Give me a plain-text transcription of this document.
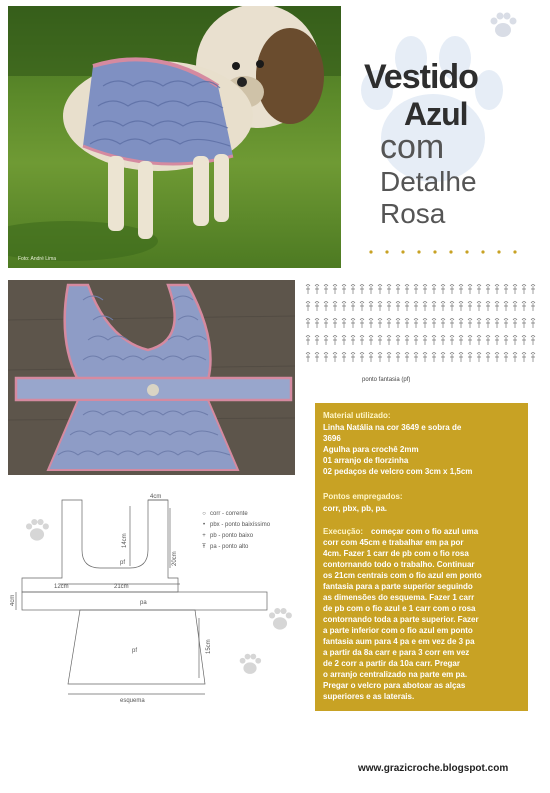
Foto: André Lima
Vestido
Azul
com
Detalhe
Rosa
ponto fantasia (pf)
Material utilizado:
Linha Natália na cor 3649 e sobra de
3696
Agulha para crochê 2mm
01 arranjo de florzinha
02 pedaços de velcro com 3cm x 1,5cm
Pontos empregados:
corr, pbx, pb, pa.
Execução: começar com o fio azul uma
corr com 45cm e trabalhar em pa por
4cm. Fazer 1 carr de pb com o fio rosa
contornando todo o trabalho. Continuar
os 21cm centrais com o fio azul em ponto
fantasia para a parte superior seguindo
as dimensões do esquema. Fazer 1 carr
de pb com o fio azul e 1 carr com o rosa
contornando toda a parte superior. Fazer
a parte inferior com o fio azul em ponto
fantasia aum para 4 pa e em vez de 3 pa
a partir da 8a carr e para 3 corr em vez
de 2 corr a partir da 10a carr. Pregar
o arranjo centralizado na parte em pa.
Pregar o velcro para abotoar as alças
superiores e as laterais.
4cm
14cm
20cm
pf
12cm	21cm
4cm	pa
pf	15cm
esquema
○ corr - corrente
• pbx - ponto baixíssimo
+ pb - ponto baixo
Ŧ pa - ponto alto
www.grazicroche.blogspot.com
